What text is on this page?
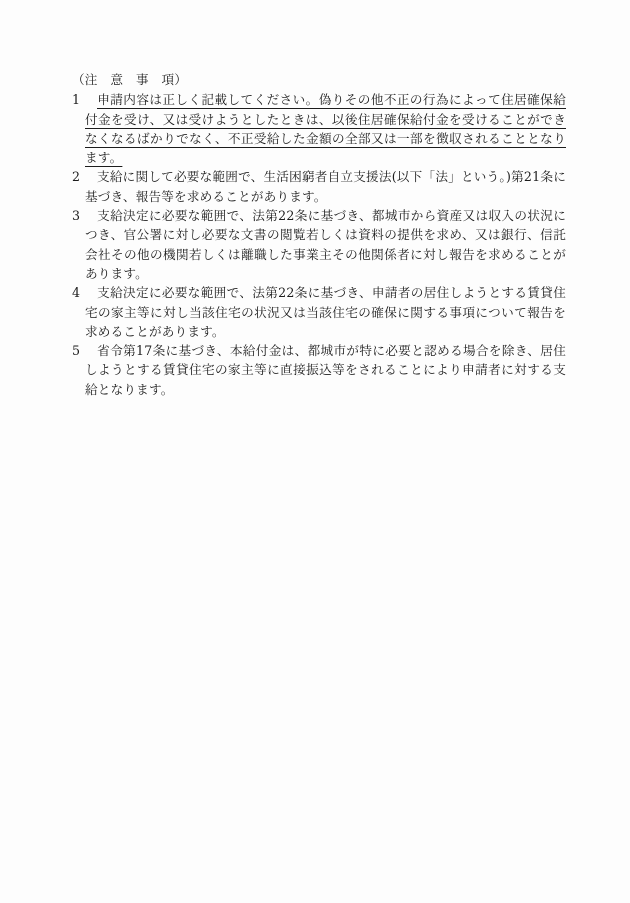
（注　意　事　項）

1 申請内容は正しく記載してください。偽りその他不正の行為によって住居確保給付金を受け、又は受けようとしたときは、以後住居確保給付金を受けることができなくなるばかりでなく、不正受給した金額の全部又は一部を徴収されることとなります。
2 支給に関して必要な範囲で、生活困窮者自立支援法(以下「法」という。)第21条に基づき、報告等を求めることがあります。
3 支給決定に必要な範囲で、法第22条に基づき、都城市から資産又は収入の状況につき、官公署に対し必要な文書の閲覧若しくは資料の提供を求め、又は銀行、信託会社その他の機関若しくは離職した事業主その他関係者に対し報告を求めることがあります。
4 支給決定に必要な範囲で、法第22条に基づき、申請者の居住しようとする賃貸住宅の家主等に対し当該住宅の状況又は当該住宅の確保に関する事項について報告を求めることがあります。
5 省令第17条に基づき、本給付金は、都城市が特に必要と認める場合を除き、居住しようとする賃貸住宅の家主等に直接振込等をされることにより申請者に対する支給となります。
